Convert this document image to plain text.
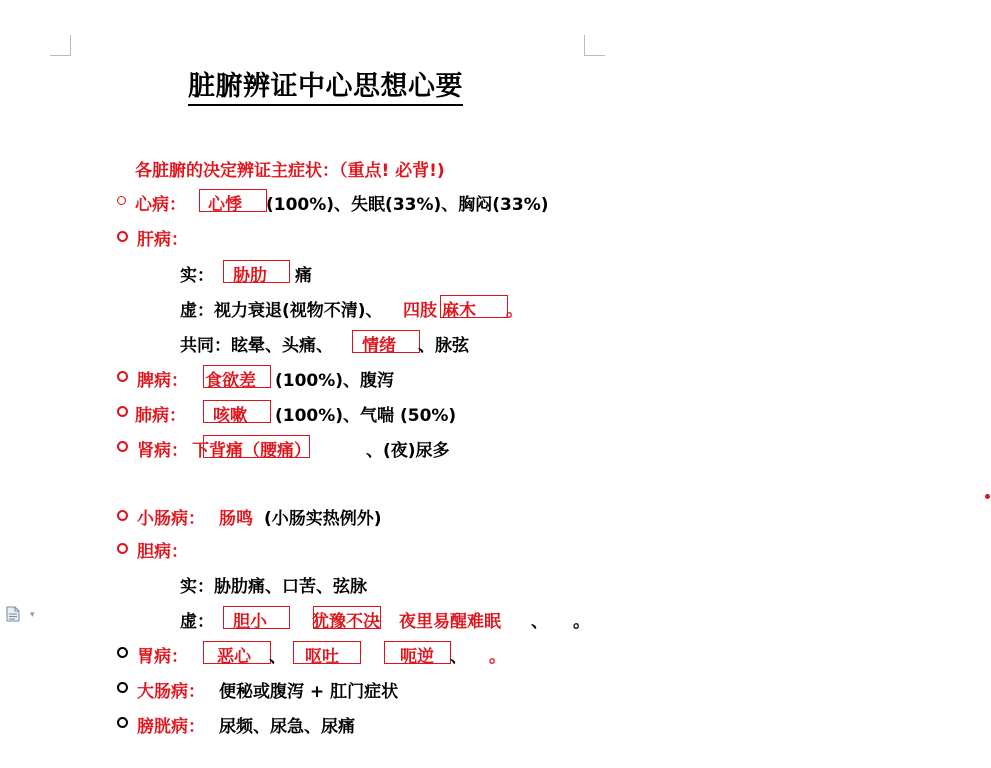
脏腑辨证中心思想心要
各脏腑的决定辨证主症状：（重点! 必背!)
心病： 心悸 (100%)、失眠(33%)、胸闷(33%)
肝病：
实： 胁肋 痛
虚：视力衰退(视物不清)、 四肢 麻木 。
共同：眩晕、头痛、 情绪 、脉弦
脾病： 食欲差 (100%)、腹泻
肺病： 咳嗽 (100%)、气喘 (50%)
肾病： 下背痛（腰痛）	、(夜)尿多
小肠病： 肠鸣 (小肠实热例外)
胆病：
实：胁肋痛、口苦、弦脉
虚： 胆小	犹豫不决 夜里易醒难眠 、 。
胃病： 恶心 、 呕吐	呃逆 、 。
大肠病： 便秘或腹泻 + 肛门症状
膀胱病： 尿频、尿急、尿痛
▾
